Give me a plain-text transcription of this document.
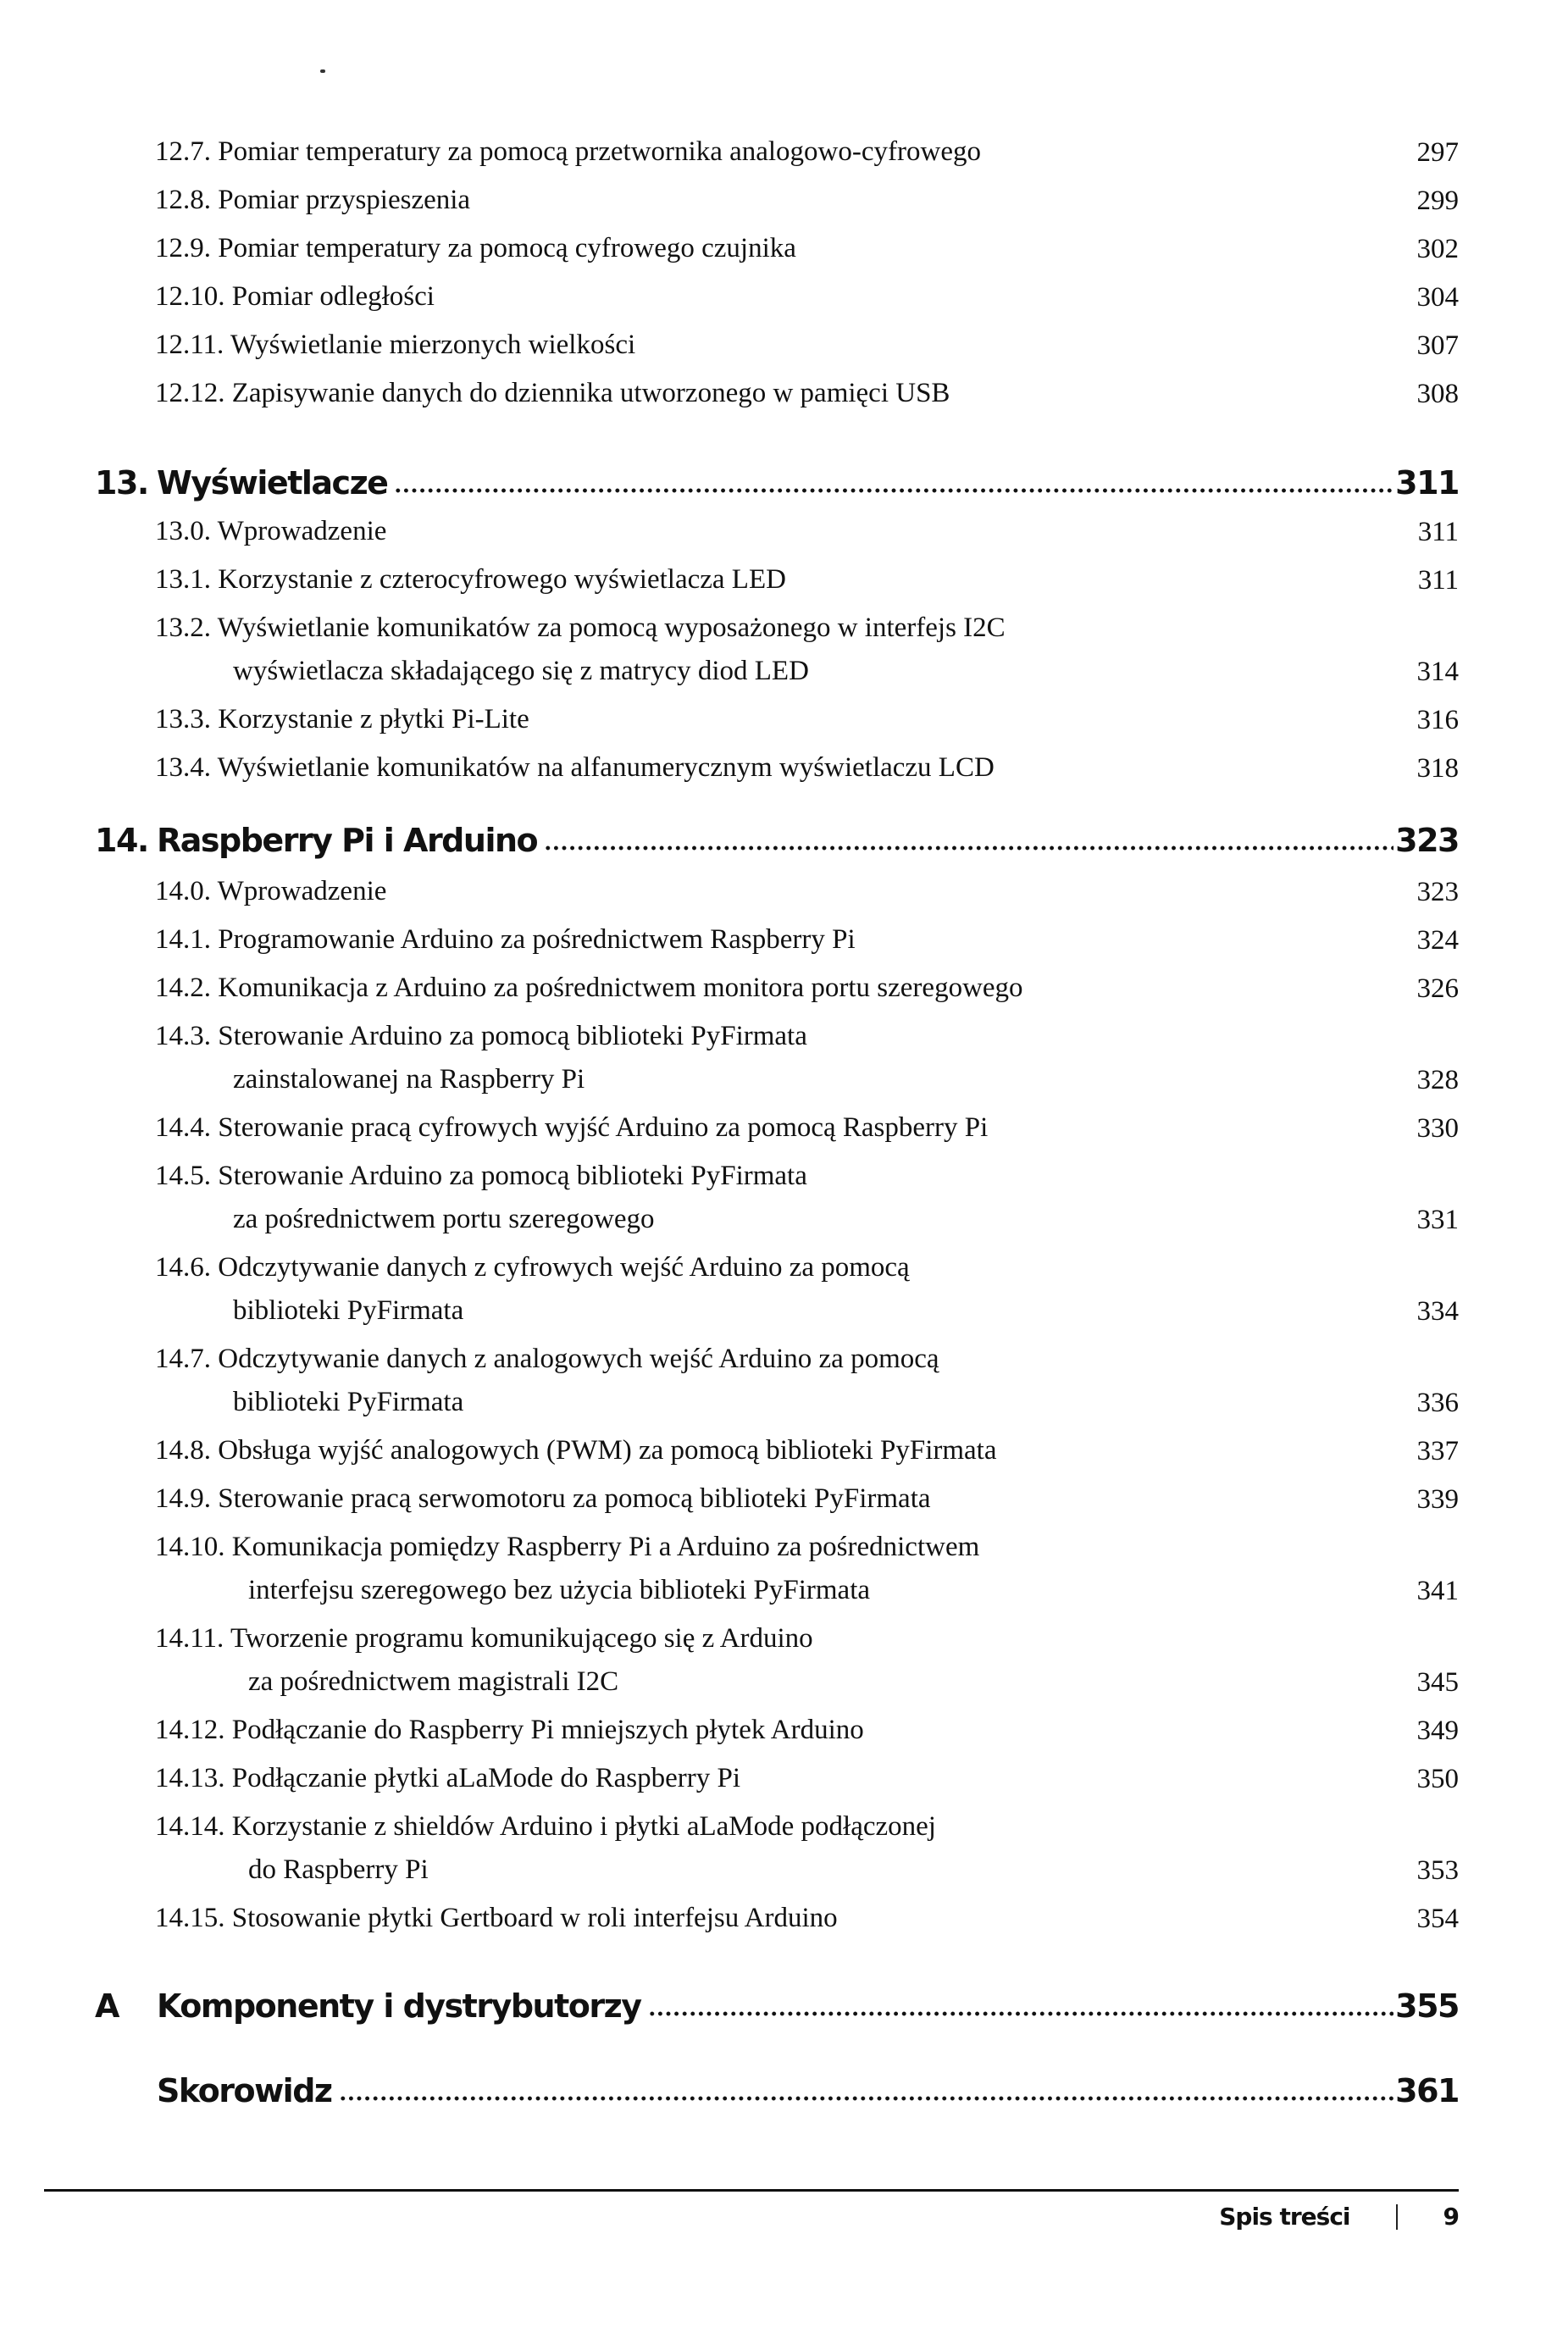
12.7. Pomiar temperatury za pomocą przetwornika analogowo-cyfrowego	297
12.8. Pomiar przyspieszenia	299
12.9. Pomiar temperatury za pomocą cyfrowego czujnika	302
12.10. Pomiar odległości	304
12.11. Wyświetlanie mierzonych wielkości	307
12.12. Zapisywanie danych do dziennika utworzonego w pamięci USB	308
13. Wyświetlacze	311
13.0. Wprowadzenie	311
13.1. Korzystanie z czterocyfrowego wyświetlacza LED	311
13.2. Wyświetlanie komunikatów za pomocą wyposażonego w interfejs I2C
wyświetlacza składającego się z matrycy diod LED	314
13.3. Korzystanie z płytki Pi-Lite	316
13.4. Wyświetlanie komunikatów na alfanumerycznym wyświetlaczu LCD	318
14. Raspberry Pi i Arduino	323
14.0. Wprowadzenie	323
14.1. Programowanie Arduino za pośrednictwem Raspberry Pi	324
14.2. Komunikacja z Arduino za pośrednictwem monitora portu szeregowego	326
14.3. Sterowanie Arduino za pomocą biblioteki PyFirmata
zainstalowanej na Raspberry Pi	328
14.4. Sterowanie pracą cyfrowych wyjść Arduino za pomocą Raspberry Pi	330
14.5. Sterowanie Arduino za pomocą biblioteki PyFirmata
za pośrednictwem portu szeregowego	331
14.6. Odczytywanie danych z cyfrowych wejść Arduino za pomocą
biblioteki PyFirmata	334
14.7. Odczytywanie danych z analogowych wejść Arduino za pomocą
biblioteki PyFirmata	336
14.8. Obsługa wyjść analogowych (PWM) za pomocą biblioteki PyFirmata	337
14.9. Sterowanie pracą serwomotoru za pomocą biblioteki PyFirmata	339
14.10. Komunikacja pomiędzy Raspberry Pi a Arduino za pośrednictwem
interfejsu szeregowego bez użycia biblioteki PyFirmata	341
14.11. Tworzenie programu komunikującego się z Arduino
za pośrednictwem magistrali I2C	345
14.12. Podłączanie do Raspberry Pi mniejszych płytek Arduino	349
14.13. Podłączanie płytki aLaMode do Raspberry Pi	350
14.14. Korzystanie z shieldów Arduino i płytki aLaMode podłączonej
do Raspberry Pi	353
14.15. Stosowanie płytki Gertboard w roli interfejsu Arduino	354
A	Komponenty i dystrybutorzy	355
Skorowidz	361
Spis treści	9
